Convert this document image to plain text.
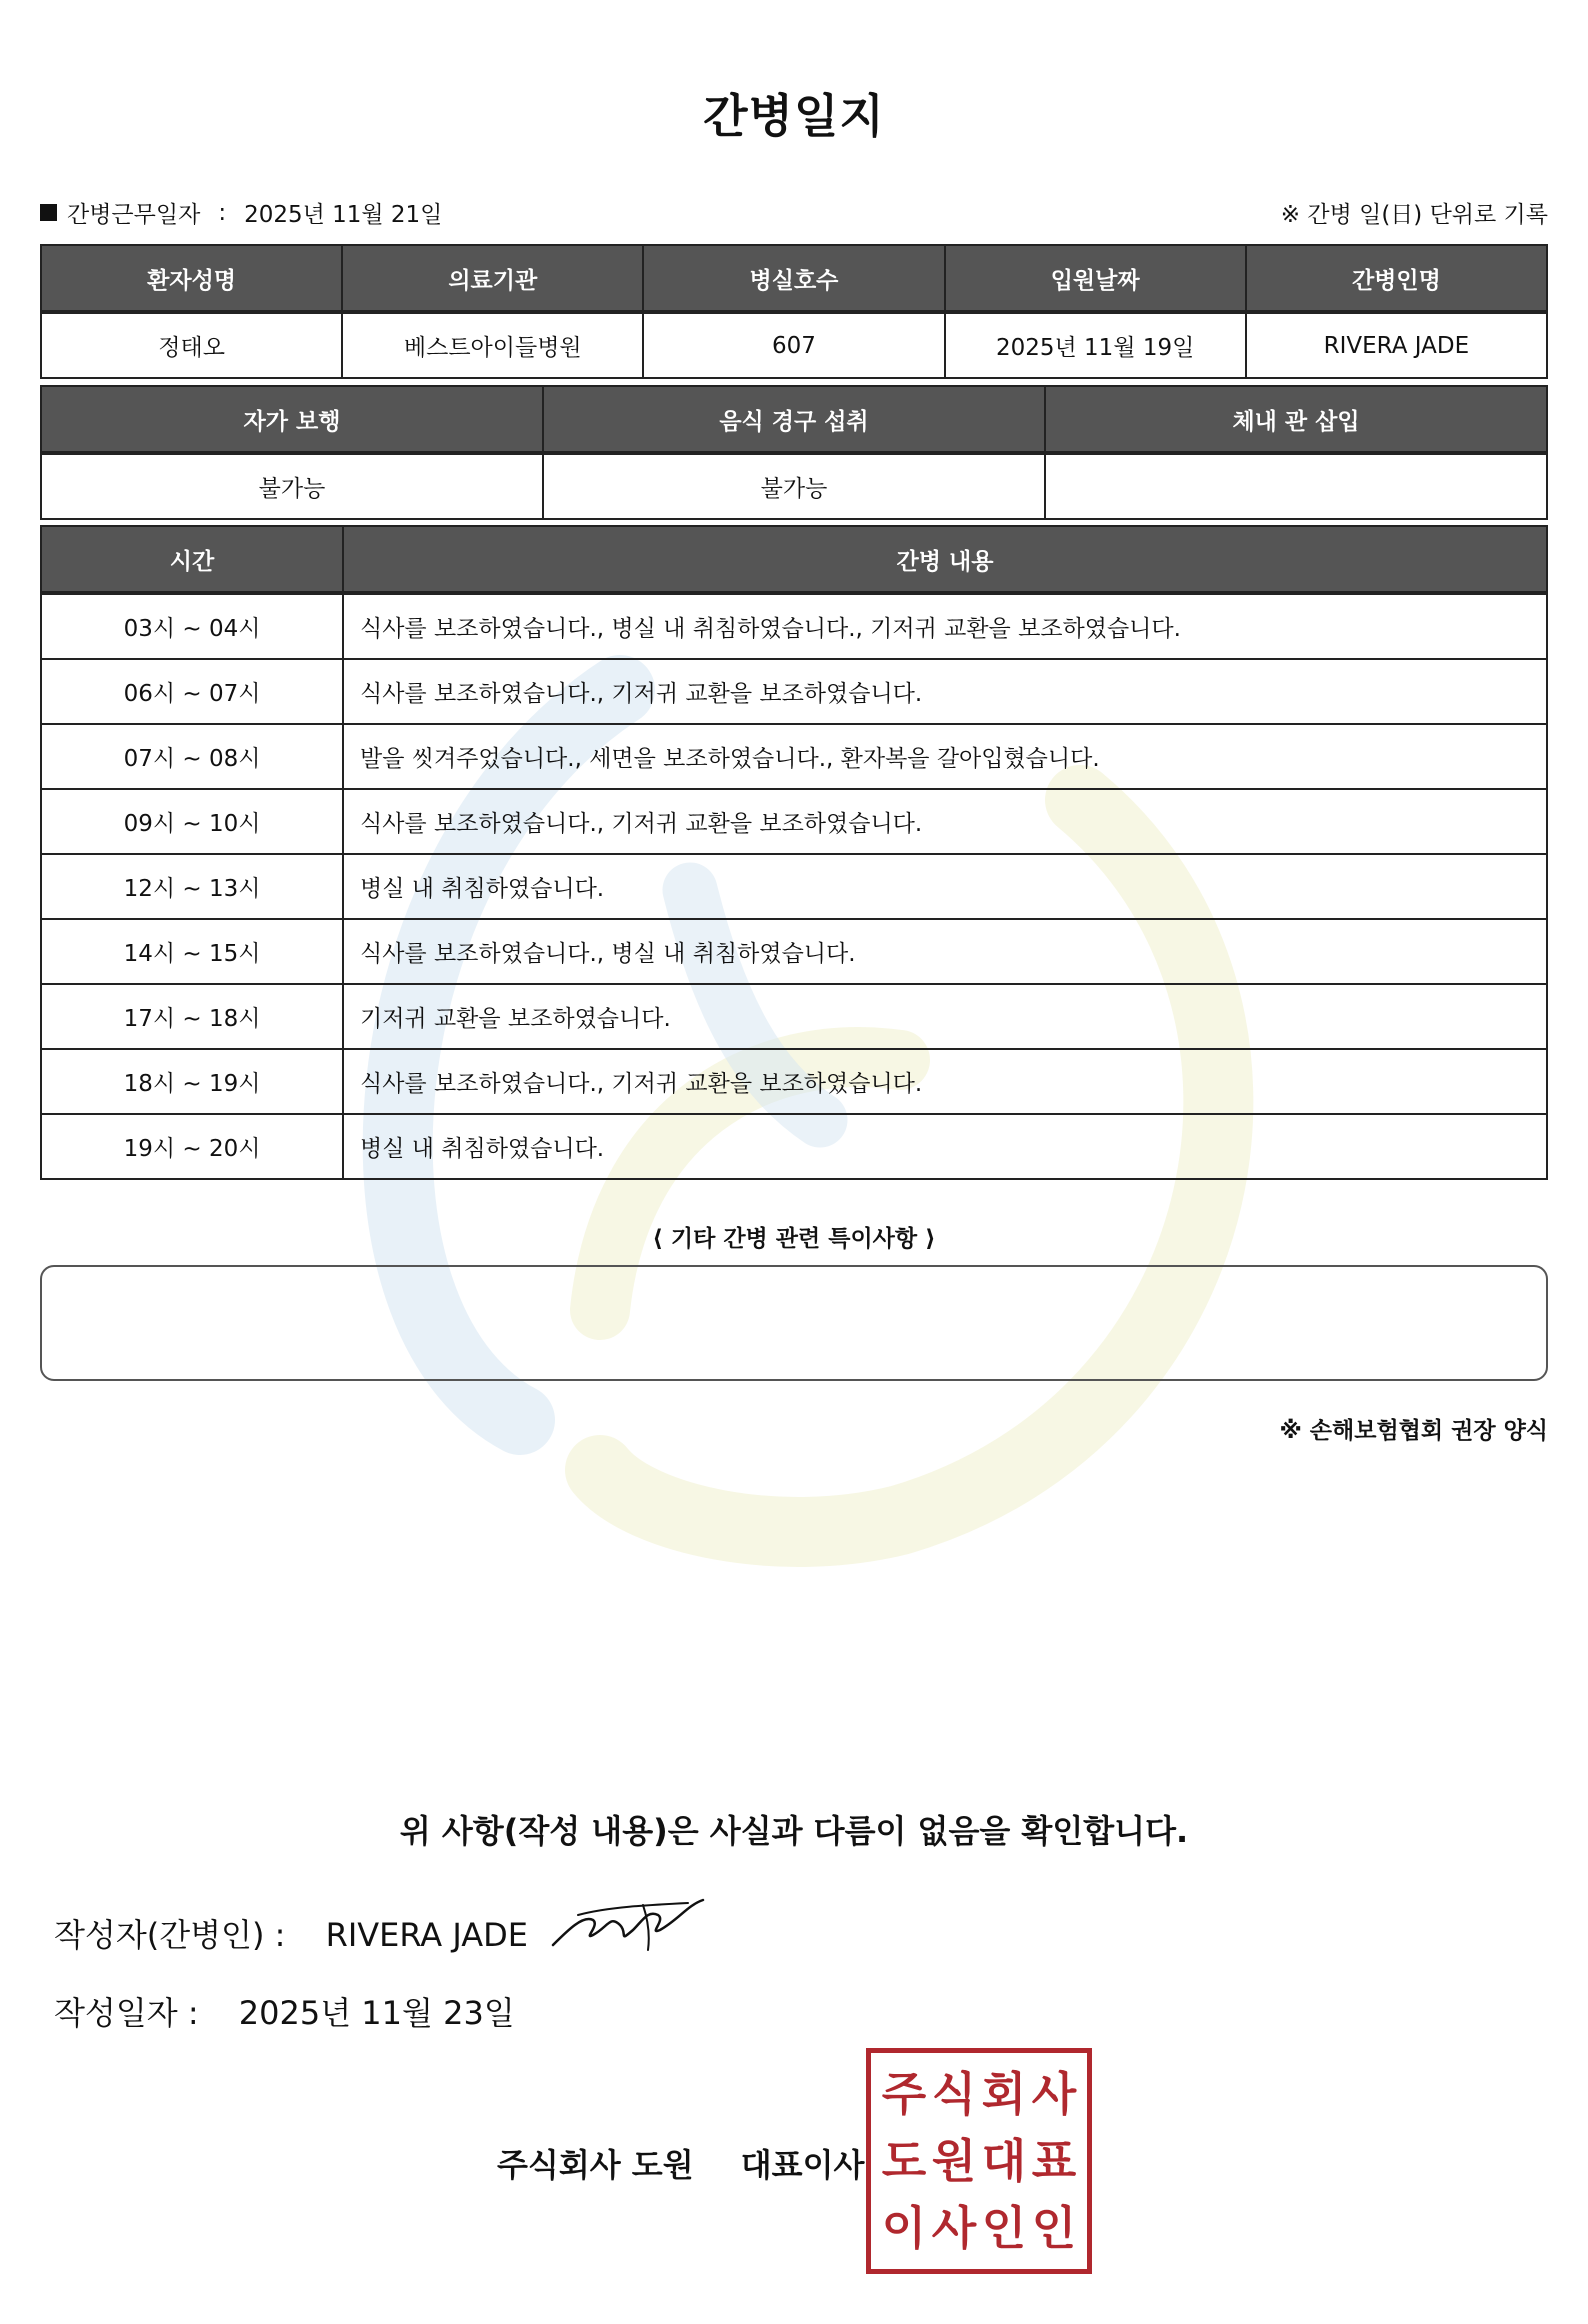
간병일지
간병근무일자 : 2025년 11월 21일	※ 간병 일(日) 단위로 기록
환자성명	의료기관	병실호수	입원날짜	간병인명
정태오	베스트아이들병원	607	2025년 11월 19일	RIVERA JADE
자가 보행	음식 경구 섭취	체내 관 삽입
불가능	불가능	
시간	간병 내용
03시 ~ 04시	식사를 보조하였습니다., 병실 내 취침하였습니다., 기저귀 교환을 보조하였습니다.
06시 ~ 07시	식사를 보조하였습니다., 기저귀 교환을 보조하였습니다.
07시 ~ 08시	발을 씻겨주었습니다., 세면을 보조하였습니다., 환자복을 갈아입혔습니다.
09시 ~ 10시	식사를 보조하였습니다., 기저귀 교환을 보조하였습니다.
12시 ~ 13시	병실 내 취침하였습니다.
14시 ~ 15시	식사를 보조하였습니다., 병실 내 취침하였습니다.
17시 ~ 18시	기저귀 교환을 보조하였습니다.
18시 ~ 19시	식사를 보조하였습니다., 기저귀 교환을 보조하였습니다.
19시 ~ 20시	병실 내 취침하였습니다.
⟨ 기타 간병 관련 특이사항 ⟩
※ 손해보험협회 권장 양식
위 사항(작성 내용)은 사실과 다름이 없음을 확인합니다.
작성자(간병인) : RIVERA JADE
작성일자 : 2025년 11월 23일
주식회사 도원 대표이사
주 식 회 사
도 원 대 표
이 사 인 인
